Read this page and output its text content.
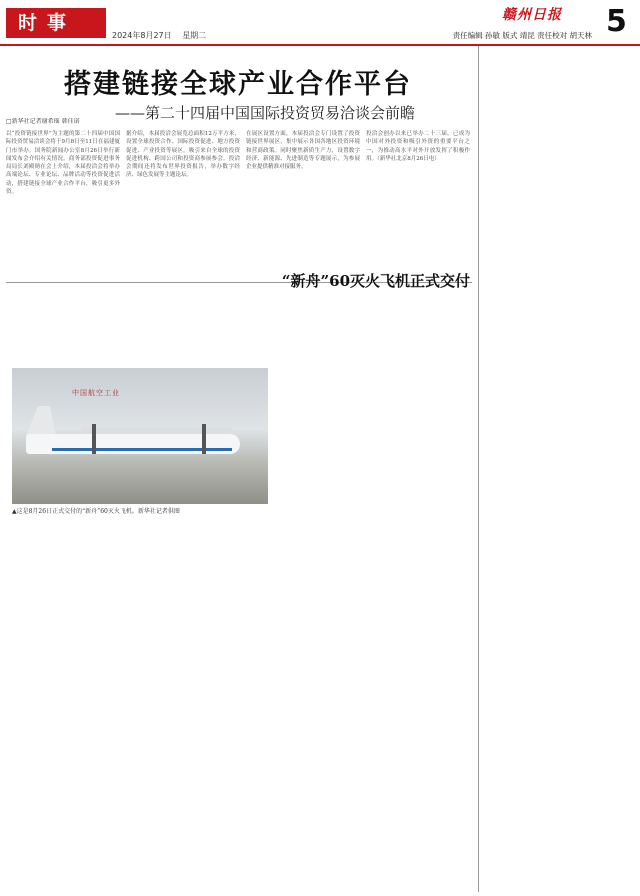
时事
2024年8月27日 星期二	责任编辑 孙敏 版式 靖昆 责任校对 胡天林
赣州日报	5
搭建链接全球产业合作平台
——第二十四届中国国际投资贸易洽谈会前瞻
□新华社记者谢希瑶 韩佳诺
以“投资链接世界”为主题的第二十四届中国国际投资贸易洽谈会将于9月8日至11日在福建厦门市举办。国务院新闻办公室8月26日举行新闻发布会介绍有关情况。商务部投资促进事务局局长刘殿勋在会上介绍，本届投洽会将举办高端论坛、专业论坛、品牌活动等投资促进活动，搭建链接全球产业合作平台，吸引更多外资。
据介绍，本届投洽会展览总面积12万平方米，设置全球投资合作、国际投资促进、地方投资促进、产业投资等展区，吸引来自全球的投资促进机构、跨国公司和投资商参展参会。投洽会期间还将发布世界投资报告，举办数字经济、绿色发展等主题论坛。
在展区设置方面，本届投洽会专门设置了投资链接世界展区，集中展示各国各地区投资环境和营商政策。同时聚焦新质生产力，设置数字经济、新能源、先进制造等专题展示，为参展企业提供精准对接服务。
投洽会创办以来已举办二十三届，已成为中国对外投资和吸引外资的重要平台之一，为推动高水平对外开放发挥了积极作用。（新华社北京8月26日电）
“新舟”60灭火飞机正式交付
中国航空工业
▲这是8月26日正式交付的“新舟”60灭火飞机。新华社记者供图
